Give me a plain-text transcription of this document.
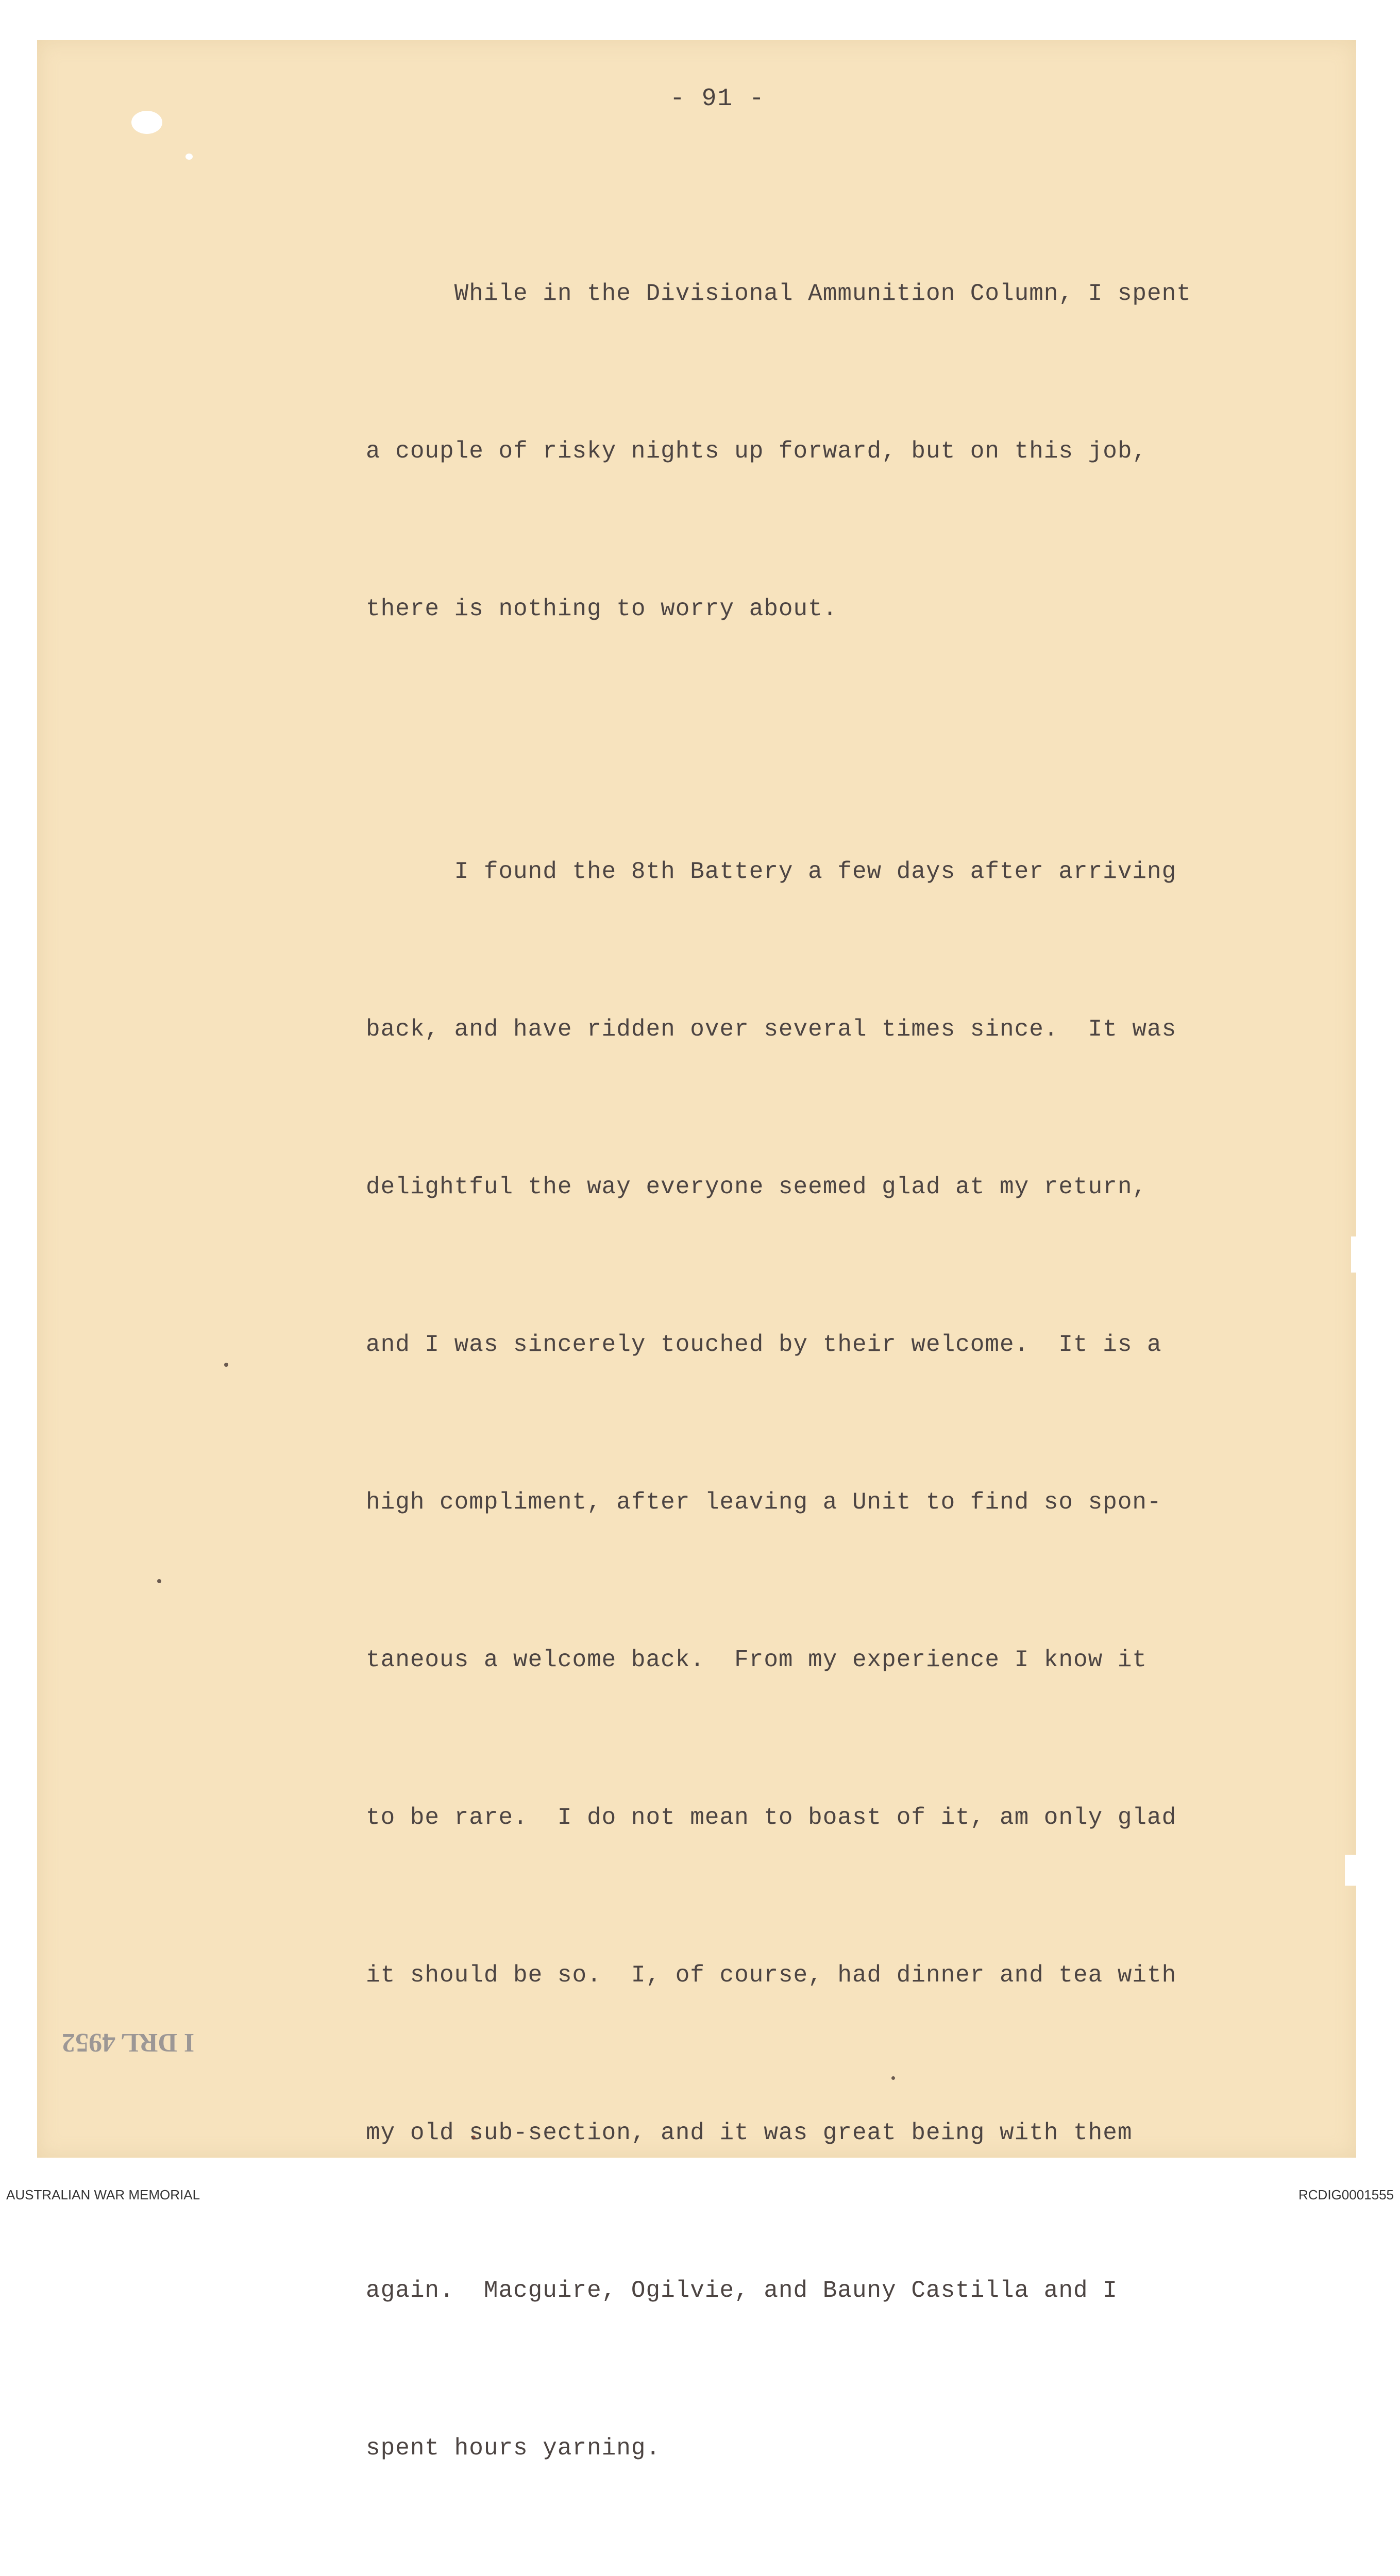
- 91 -

While in the Divisional Ammunition Column, I spent

a couple of risky nights up forward, but on this job,

there is nothing to worry about.

I found the 8th Battery a few days after arriving

back, and have ridden over several times since.  It was

delightful the way everyone seemed glad at my return,

and I was sincerely touched by their welcome.  It is a

high compliment, after leaving a Unit to find so spon-

taneous a welcome back.  From my experience I know it

to be rare.  I do not mean to boast of it, am only glad

it should be so.  I, of course, had dinner and tea with

my old sub-section, and it was great being with them

again.  Macguire, Ogilvie, and Bauny Castilla and I

spent hours yarning.

I DRL 4952
AUSTRALIAN WAR MEMORIAL	RCDIG0001555
